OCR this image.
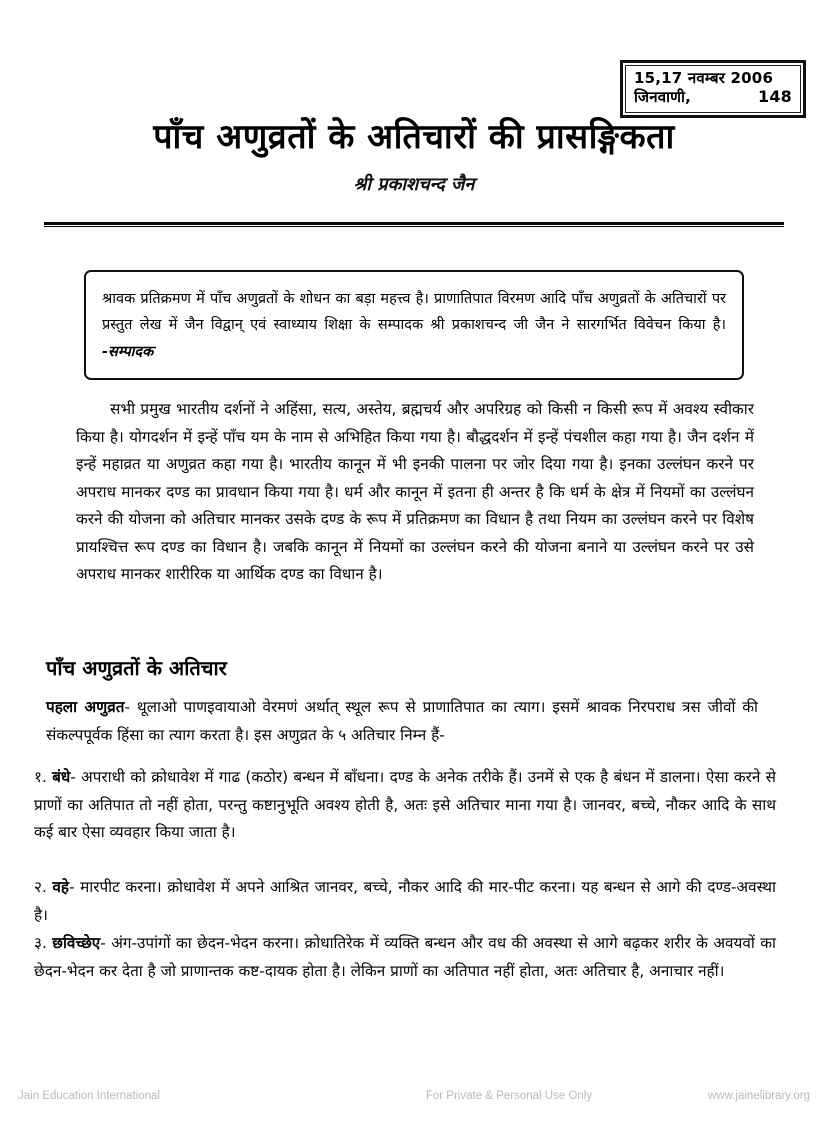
15,17 नवम्बर 2006
जिनवाणी,	148
पाँच अणुव्रतों के अतिचारों की प्रासङ्गिकता
श्री प्रकाशचन्द जैन
श्रावक प्रतिक्रमण में पाँच अणुव्रतों के शोधन का बड़ा महत्त्व है। प्राणातिपात विरमण आदि पाँच अणुव्रतों के अतिचारों पर प्रस्तुत लेख में जैन विद्वान् एवं स्वाध्याय शिक्षा के सम्पादक श्री प्रकाशचन्द जी जैन ने सारगर्भित विवेचन किया है। -सम्पादक
सभी प्रमुख भारतीय दर्शनों ने अहिंसा, सत्य, अस्तेय, ब्रह्मचर्य और अपरिग्रह को किसी न किसी रूप में अवश्य स्वीकार किया है। योगदर्शन में इन्हें पाँच यम के नाम से अभिहित किया गया है। बौद्धदर्शन में इन्हें पंचशील कहा गया है। जैन दर्शन में इन्हें महाव्रत या अणुव्रत कहा गया है। भारतीय कानून में भी इनकी पालना पर जोर दिया गया है। इनका उल्लंघन करने पर अपराध मानकर दण्ड का प्रावधान किया गया है। धर्म और कानून में इतना ही अन्तर है कि धर्म के क्षेत्र में नियमों का उल्लंघन करने की योजना को अतिचार मानकर उसके दण्ड के रूप में प्रतिक्रमण का विधान है तथा नियम का उल्लंघन करने पर विशेष प्रायश्चित्त रूप दण्ड का विधान है। जबकि कानून में नियमों का उल्लंघन करने की योजना बनाने या उल्लंघन करने पर उसे अपराध मानकर शारीरिक या आर्थिक दण्ड का विधान है।
पाँच अणुव्रतों के अतिचार
पहला अणुव्रत- थूलाओ पाणइवायाओ वेरमणं अर्थात् स्थूल रूप से प्राणातिपात का त्याग। इसमें श्रावक निरपराध त्रस जीवों की संकल्पपूर्वक हिंसा का त्याग करता है। इस अणुव्रत के ५ अतिचार निम्न हैं-
१. बंधे- अपराधी को क्रोधावेश में गाढ (कठोर) बन्धन में बाँधना। दण्ड के अनेक तरीके हैं। उनमें से एक है बंधन में डालना। ऐसा करने से प्राणों का अतिपात तो नहीं होता, परन्तु कष्टानुभूति अवश्य होती है, अतः इसे अतिचार माना गया है। जानवर, बच्चे, नौकर आदि के साथ कई बार ऐसा व्यवहार किया जाता है।
२. वहे- मारपीट करना। क्रोधावेश में अपने आश्रित जानवर, बच्चे, नौकर आदि की मार-पीट करना। यह बन्धन से आगे की दण्ड-अवस्था है।
३. छविच्छेए- अंग-उपांगों का छेदन-भेदन करना। क्रोधातिरेक में व्यक्ति बन्धन और वध की अवस्था से आगे बढ़कर शरीर के अवयवों का छेदन-भेदन कर देता है जो प्राणान्तक कष्ट-दायक होता है। लेकिन प्राणों का अतिपात नहीं होता, अतः अतिचार है, अनाचार नहीं।
Jain Education International	For Private & Personal Use Only	www.jainelibrary.org
